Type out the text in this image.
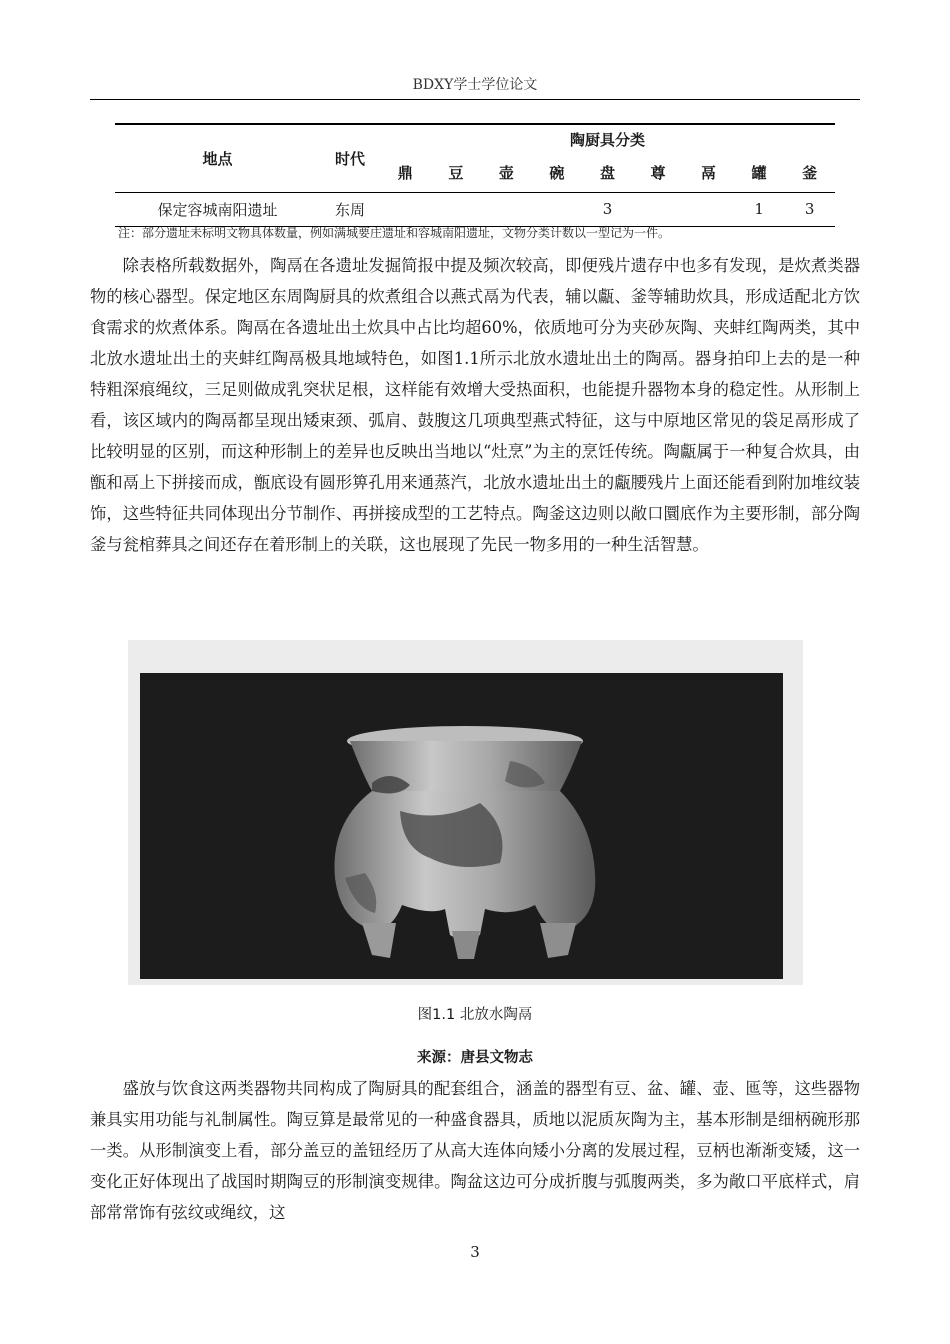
BDXY学士学位论文
地点	时代	陶厨具分类								
		鼎	豆	壶	碗	盘	尊	鬲	罐	釜
保定容城南阳遗址	东周					3			1	3
注：部分遗址未标明文物具体数量，例如满城要庄遗址和容城南阳遗址，文物分类计数以一型记为一件。

除表格所载数据外，陶鬲在各遗址发掘简报中提及频次较高，即便残片遗存中也多有发现，是炊煮类器物的核心器型。保定地区东周陶厨具的炊煮组合以燕式鬲为代表，辅以甗、釜等辅助炊具，形成适配北方饮食需求的炊煮体系。陶鬲在各遗址出土炊具中占比均超60%，依质地可分为夹砂灰陶、夹蚌红陶两类，其中北放水遗址出土的夹蚌红陶鬲极具地域特色，如图1.1所示北放水遗址出土的陶鬲。器身拍印上去的是一种特粗深痕绳纹，三足则做成乳突状足根，这样能有效增大受热面积，也能提升器物本身的稳定性。从形制上看，该区域内的陶鬲都呈现出矮束颈、弧肩、鼓腹这几项典型燕式特征，这与中原地区常见的袋足鬲形成了比较明显的区别，而这种形制上的差异也反映出当地以“灶烹”为主的烹饪传统。陶甗属于一种复合炊具，由甑和鬲上下拼接而成，甑底设有圆形箅孔用来通蒸汽，北放水遗址出土的甗腰残片上面还能看到附加堆纹装饰，这些特征共同体现出分节制作、再拼接成型的工艺特点。陶釜这边则以敞口圜底作为主要形制，部分陶釜与瓮棺葬具之间还存在着形制上的关联，这也展现了先民一物多用的一种生活智慧。

图1.1 北放水陶鬲
来源：唐县文物志

盛放与饮食这两类器物共同构成了陶厨具的配套组合，涵盖的器型有豆、盆、罐、壶、匜等，这些器物兼具实用功能与礼制属性。陶豆算是最常见的一种盛食器具，质地以泥质灰陶为主，基本形制是细柄碗形那一类。从形制演变上看，部分盖豆的盖钮经历了从高大连体向矮小分离的发展过程，豆柄也渐渐变矮，这一变化正好体现出了战国时期陶豆的形制演变规律。陶盆这边可分成折腹与弧腹两类，多为敞口平底样式，肩部常常饰有弦纹或绳纹，这

3
